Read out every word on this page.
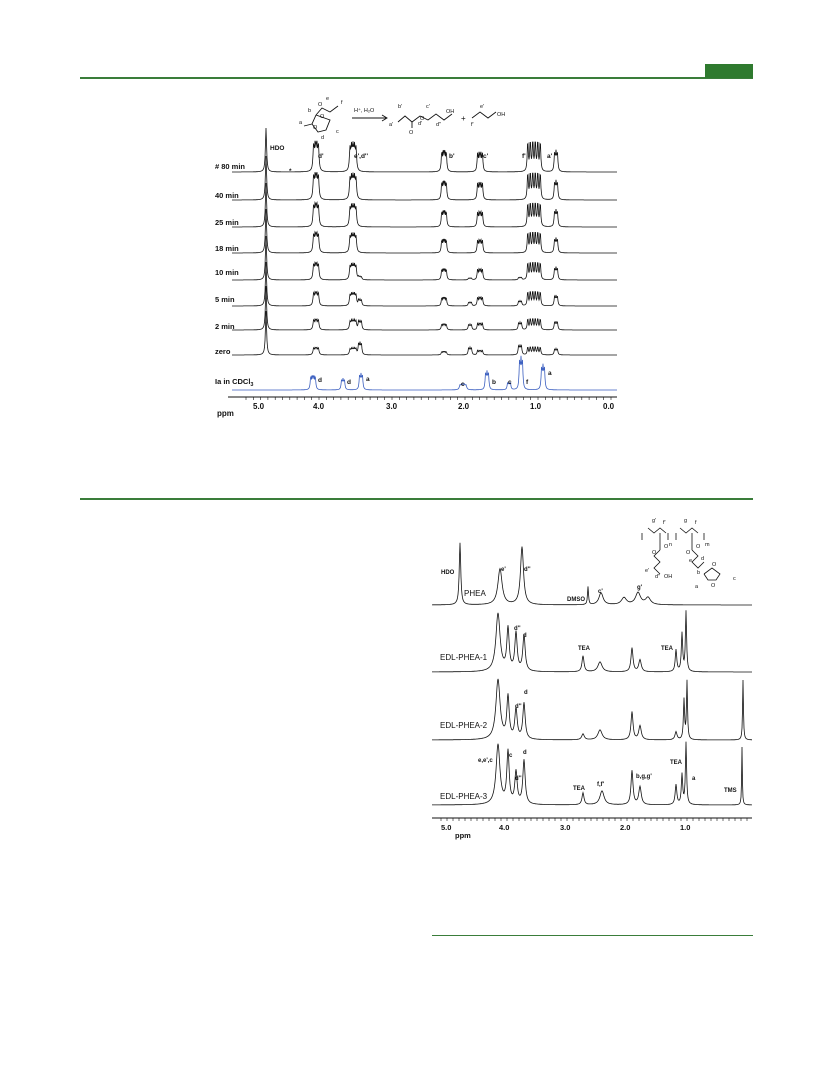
e
f
b
a
O
O
O
d
c
b'	c'
a'	d'	d''
OH
e'
f'
OH
O
O
H⁺, H₂O
+
# 80 min
40 min
25 min
18 min
10 min
5 min
2 min
zero
Ia in CDCl$_3$
HDO
*
d'	e',d''	b'	c'	f'	a'
d	d a
c	b c f
a
ppm
5.0	4.0	3.0	2.0	1.0	0.0
g' f'	g f
n	m
O
O
O
O
e'
d'' OH
e d
b
a
O
O
c
PHEA
EDL-PHEA-1
EDL-PHEA-2
EDL-PHEA-3
HDO	e'	d''
DMSO
c'
g'
d''
d
TEA	TEA
d''
d
e,e',c
c d
d''
TEA
f,f'
b,g,g'
TEA
a
TMS
5.0
ppm
4.0	3.0	2.0	1.0
